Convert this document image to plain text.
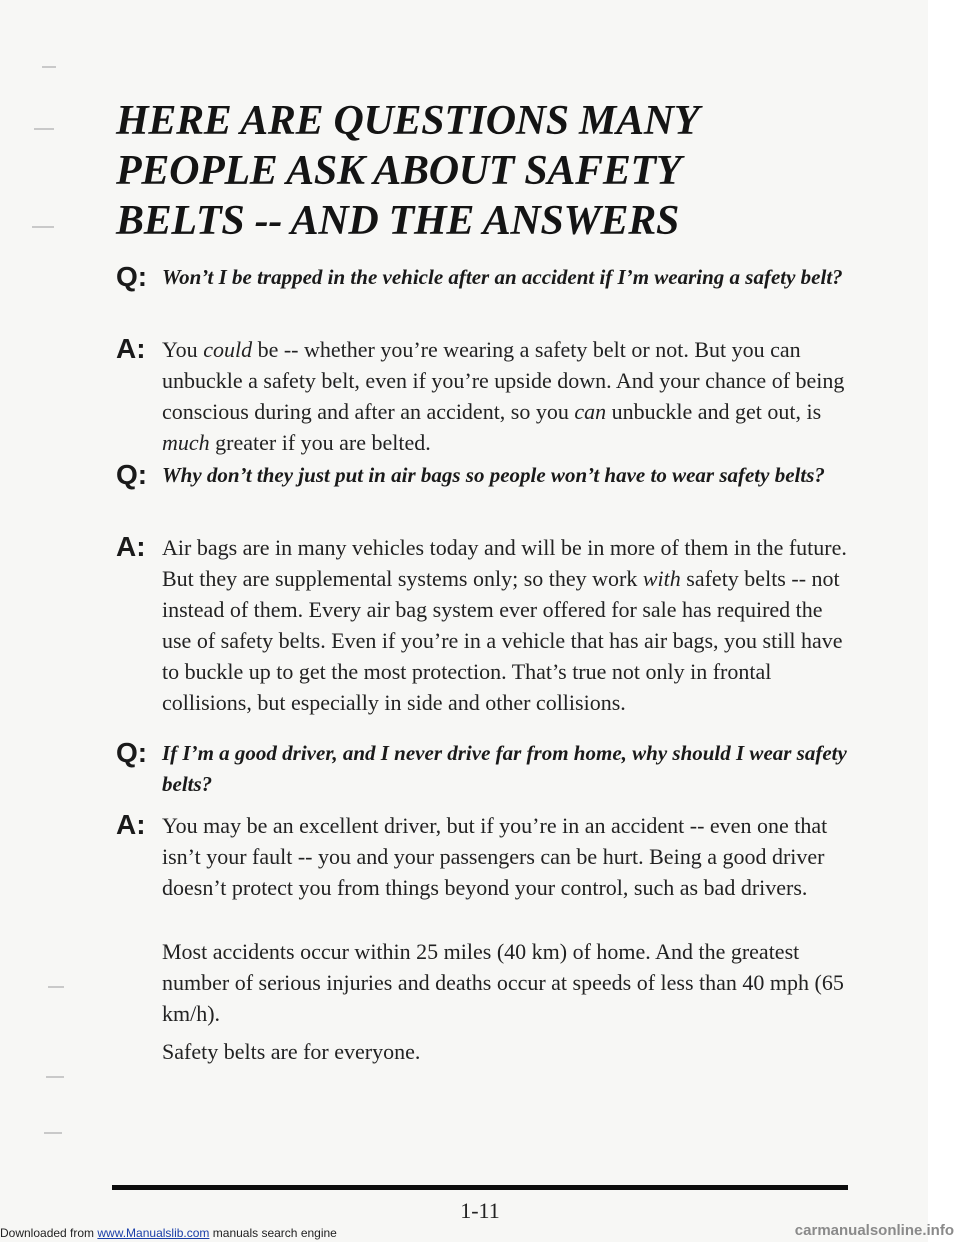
HERE ARE QUESTIONS MANY PEOPLE ASK ABOUT SAFETY BELTS -- AND THE ANSWERS
Q: Won’t I be trapped in the vehicle after an accident if I’m wearing a safety belt?
A: You could be -- whether you’re wearing a safety belt or not. But you can unbuckle a safety belt, even if you’re upside down. And your chance of being conscious during and after an accident, so you can unbuckle and get out, is much greater if you are belted.
Q: Why don’t they just put in air bags so people won’t have to wear safety belts?
A: Air bags are in many vehicles today and will be in more of them in the future. But they are supplemental systems only; so they work with safety belts -- not instead of them. Every air bag system ever offered for sale has required the use of safety belts. Even if you’re in a vehicle that has air bags, you still have to buckle up to get the most protection. That’s true not only in frontal collisions, but especially in side and other collisions.
Q: If I’m a good driver, and I never drive far from home, why should I wear safety belts?
A: You may be an excellent driver, but if you’re in an accident -- even one that isn’t your fault -- you and your passengers can be hurt. Being a good driver doesn’t protect you from things beyond your control, such as bad drivers.

Most accidents occur within 25 miles (40 km) of home. And the greatest number of serious injuries and deaths occur at speeds of less than 40 mph (65 km/h).

Safety belts are for everyone.

1-11
Downloaded from www.Manualslib.com manuals search engine	carmanualsonline.info
